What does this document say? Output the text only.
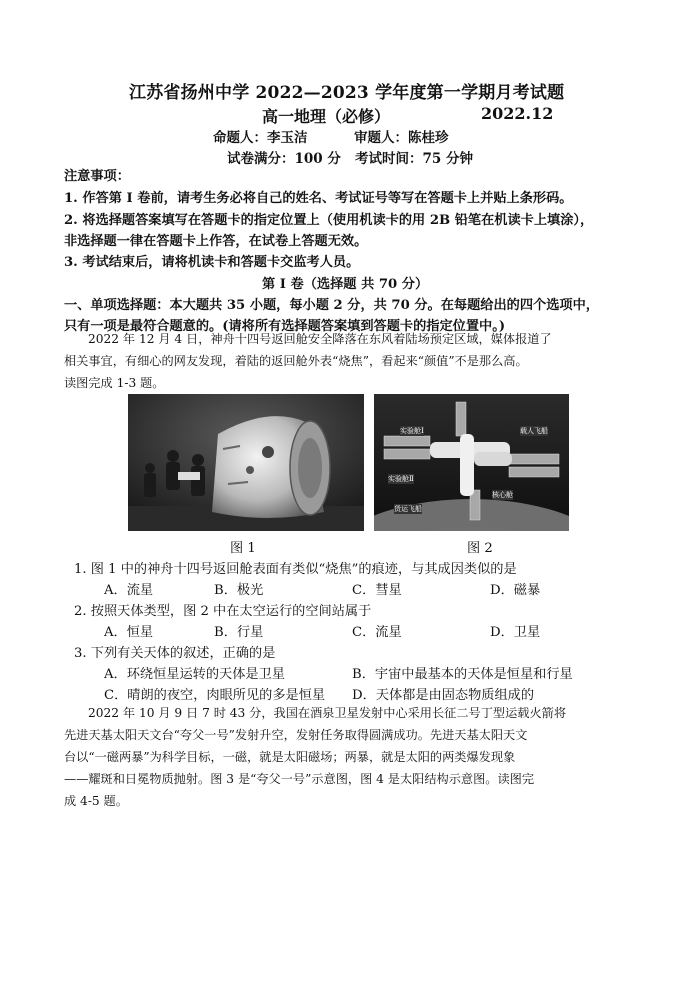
江苏省扬州中学 2022—2023 学年度第一学期月考试题
高一地理（必修）	2022.12
命题人：李玉洁	审题人：陈桂珍
试卷满分：100 分   考试时间：75 分钟
注意事项：
1. 作答第 Ⅰ 卷前，请考生务必将自己的姓名、考试证号等写在答题卡上并贴上条形码。
2. 将选择题答案填写在答题卡的指定位置上（使用机读卡的用 2B 铅笔在机读卡上填涂），
非选择题一律在答题卡上作答，在试卷上答题无效。
3. 考试结束后，请将机读卡和答题卡交监考人员。
第 Ⅰ 卷（选择题 共 70 分）
一、单项选择题：本大题共 35 小题，每小题 2 分，共 70 分。在每题给出的四个选项中，
只有一项是最符合题意的。(请将所有选择题答案填到答题卡的指定位置中。)
2022 年 12 月 4 日，神舟十四号返回舱安全降落在东风着陆场预定区域，媒体报道了
相关事宜，有细心的网友发现，着陆的返回舱外表“烧焦”，看起来“颜值”不是那么高。
读图完成 1-3 题。
图 1
实验舱Ⅰ	载人飞船
实验舱Ⅱ
核心舱
货运飞船
图 2
1. 图 1 中的神舟十四号返回舱表面有类似“烧焦”的痕迹，与其成因类似的是
A．流星	B．极光	C．彗星	D．磁暴
2. 按照天体类型，图 2 中在太空运行的空间站属于
A．恒星	B．行星	C．流星	D．卫星
3. 下列有关天体的叙述，正确的是
A．环绕恒星运转的天体是卫星	B．宇宙中最基本的天体是恒星和行星
C．晴朗的夜空，肉眼所见的多是恒星 D．天体都是由固态物质组成的
2022 年 10 月 9 日 7 时 43 分，我国在酒泉卫星发射中心采用长征二号丁型运载火箭将
先进天基太阳天文台“夸父一号”发射升空，发射任务取得圆满成功。先进天基太阳天文
台以“一磁两暴”为科学目标，一磁，就是太阳磁场；两暴，就是太阳的两类爆发现象
——耀斑和日冕物质抛射。图 3 是“夸父一号”示意图，图 4 是太阳结构示意图。读图完
成 4-5 题。
